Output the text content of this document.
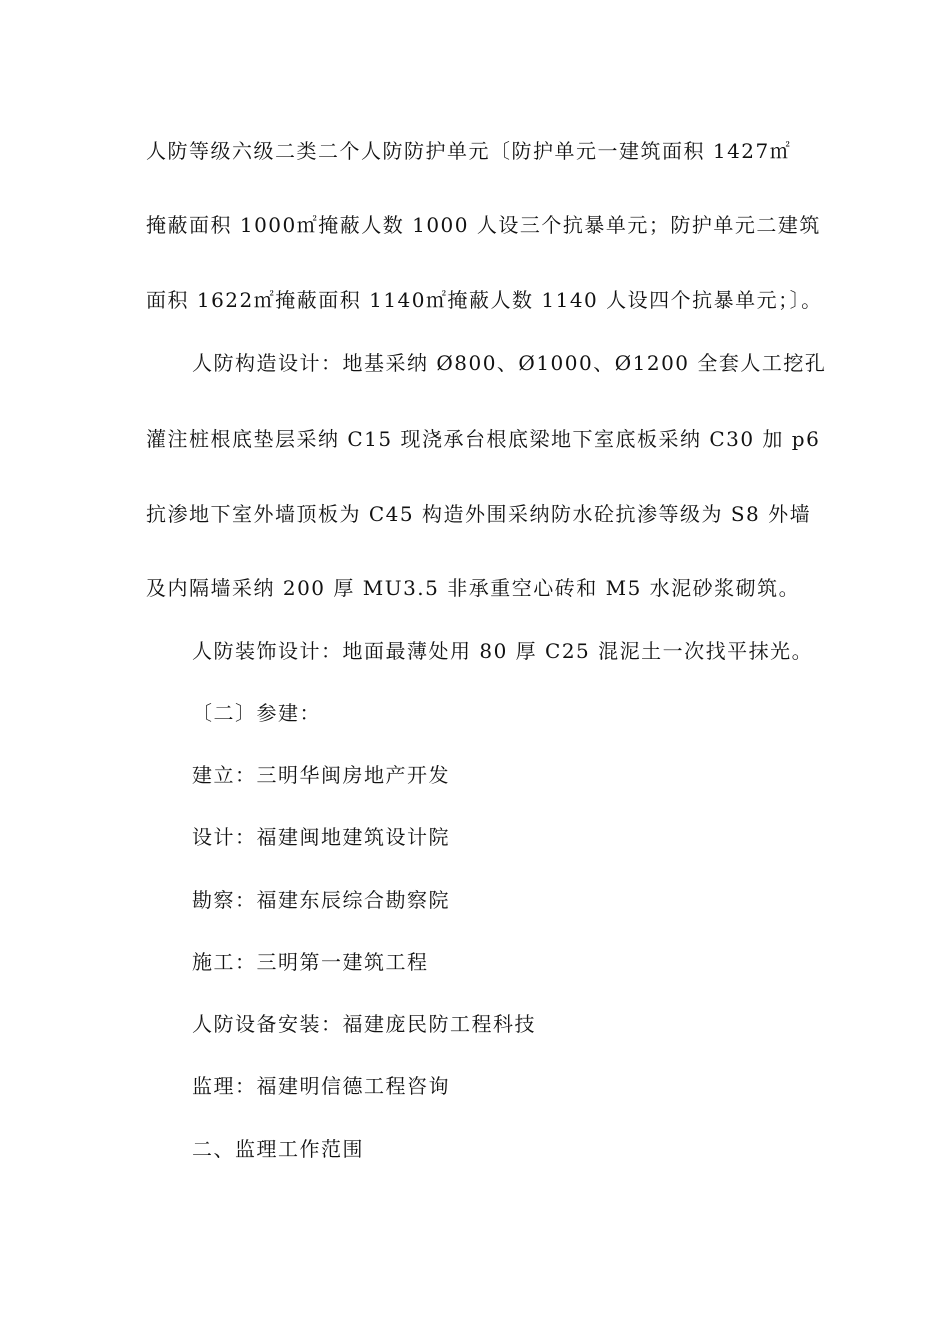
人防等级六级二类二个人防防护单元〔防护单元一建筑面积 1427㎡
掩蔽面积 1000㎡掩蔽人数 1000 人设三个抗暴单元；防护单元二建筑
面积 1622㎡掩蔽面积 1140㎡掩蔽人数 1140 人设四个抗暴单元；〕。
人防构造设计：地基采纳 Ø800、Ø1000、Ø1200 全套人工挖孔
灌注桩根底垫层采纳 C15 现浇承台根底梁地下室底板采纳 C30 加 p6
抗渗地下室外墙顶板为 C45 构造外围采纳防水砼抗渗等级为 S8 外墙
及内隔墙采纳 200 厚 MU3.5 非承重空心砖和 M5 水泥砂浆砌筑。
人防装饰设计：地面最薄处用 80 厚 C25 混泥土一次找平抹光。
〔二〕参建：
建立：三明华闽房地产开发
设计：福建闽地建筑设计院
勘察：福建东辰综合勘察院
施工：三明第一建筑工程
人防设备安装：福建庞民防工程科技
监理：福建明信德工程咨询
二、监理工作范围
